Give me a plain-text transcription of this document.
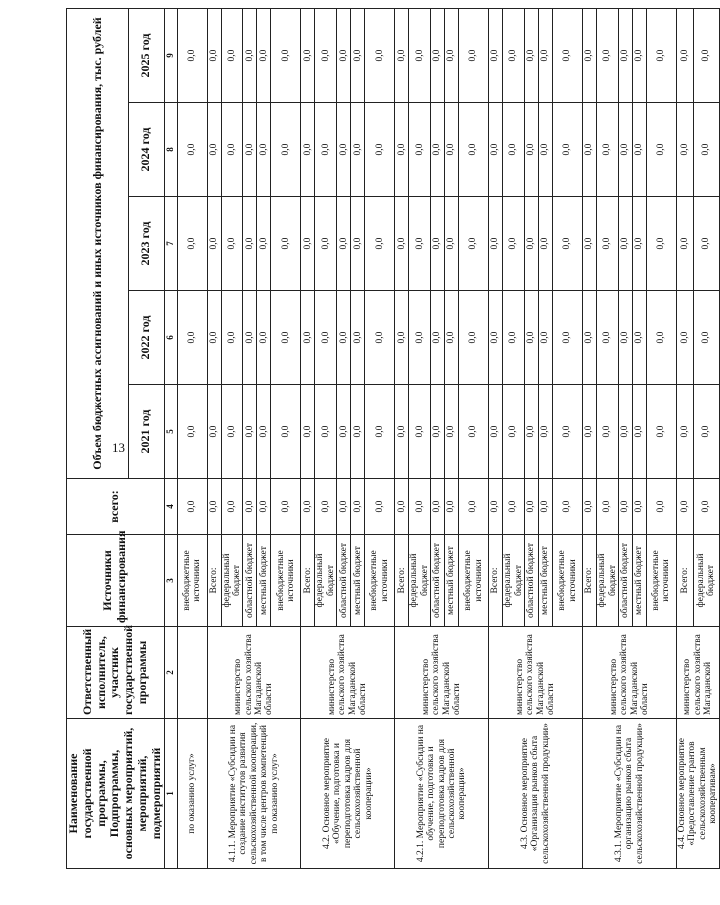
13
Наименование государственной программы, Подпрограммы, основных мероприятий, мероприятий, подмероприятий	Ответственный исполнитель, участник государственной программы	Источники финансирования	всего:	Объем бюджетных ассигнований и иных источников финансирования, тыс. рублей				
				2021 год	2022 год	2023 год	2024 год	2025 год
1	2	3	4	5	6	7	8	9
по оказанию услуг»		внебюджетные источники	0,0	0,0	0,0	0,0	0,0	0,0
4.1.1. Мероприятие «Субсидии на создание институтов развития сельскохозяйственной кооперации, в том числе центров компетенций по оказанию услуг»	министерство сельского хозяйства Магаданской области	Всего:	0,0	0,0	0,0	0,0	0,0	0,0
		федеральный бюджет	0,0	0,0	0,0	0,0	0,0	0,0
		областной бюджет	0,0	0,0	0,0	0,0	0,0	0,0
		местный бюджет	0,0	0,0	0,0	0,0	0,0	0,0
		внебюджетные источники	0,0	0,0	0,0	0,0	0,0	0,0
4.2. Основное мероприятие «Обучение, подготовка и переподготовка кадров для сельскохозяйственной кооперации»	министерство сельского хозяйства Магаданской области	Всего:	0,0	0,0	0,0	0,0	0,0	0,0
		федеральный бюджет	0,0	0,0	0,0	0,0	0,0	0,0
		областной бюджет	0,0	0,0	0,0	0,0	0,0	0,0
		местный бюджет	0,0	0,0	0,0	0,0	0,0	0,0
		внебюджетные источники	0,0	0,0	0,0	0,0	0,0	0,0
4.2.1. Мероприятие «Субсидии на обучение, подготовка и переподготовка кадров для сельскохозяйственной кооперации»	министерство сельского хозяйства Магаданской области	Всего:	0,0	0,0	0,0	0,0	0,0	0,0
		федеральный бюджет	0,0	0,0	0,0	0,0	0,0	0,0
		областной бюджет	0,0	0,0	0,0	0,0	0,0	0,0
		местный бюджет	0,0	0,0	0,0	0,0	0,0	0,0
		внебюджетные источники	0,0	0,0	0,0	0,0	0,0	0,0
4.3. Основное мероприятие «Организация рынков сбыта сельскохозяйственной продукции»	министерство сельского хозяйства Магаданской области	Всего:	0,0	0,0	0,0	0,0	0,0	0,0
		федеральный бюджет	0,0	0,0	0,0	0,0	0,0	0,0
		областной бюджет	0,0	0,0	0,0	0,0	0,0	0,0
		местный бюджет	0,0	0,0	0,0	0,0	0,0	0,0
		внебюджетные источники	0,0	0,0	0,0	0,0	0,0	0,0
4.3.1. Мероприятие «Субсидии на организацию рынков сбыта сельскохозяйственной продукции»	министерство сельского хозяйства Магаданской области	Всего:	0,0	0,0	0,0	0,0	0,0	0,0
		федеральный бюджет	0,0	0,0	0,0	0,0	0,0	0,0
		областной бюджет	0,0	0,0	0,0	0,0	0,0	0,0
		местный бюджет	0,0	0,0	0,0	0,0	0,0	0,0
		внебюджетные источники	0,0	0,0	0,0	0,0	0,0	0,0
4.4. Основное мероприятие «Предоставление грантов сельскохозяйственным кооперативам»	министерство сельского хозяйства Магаданской	Всего:	0,0	0,0	0,0	0,0	0,0	0,0
		федеральный бюджет	0,0	0,0	0,0	0,0	0,0	0,0
